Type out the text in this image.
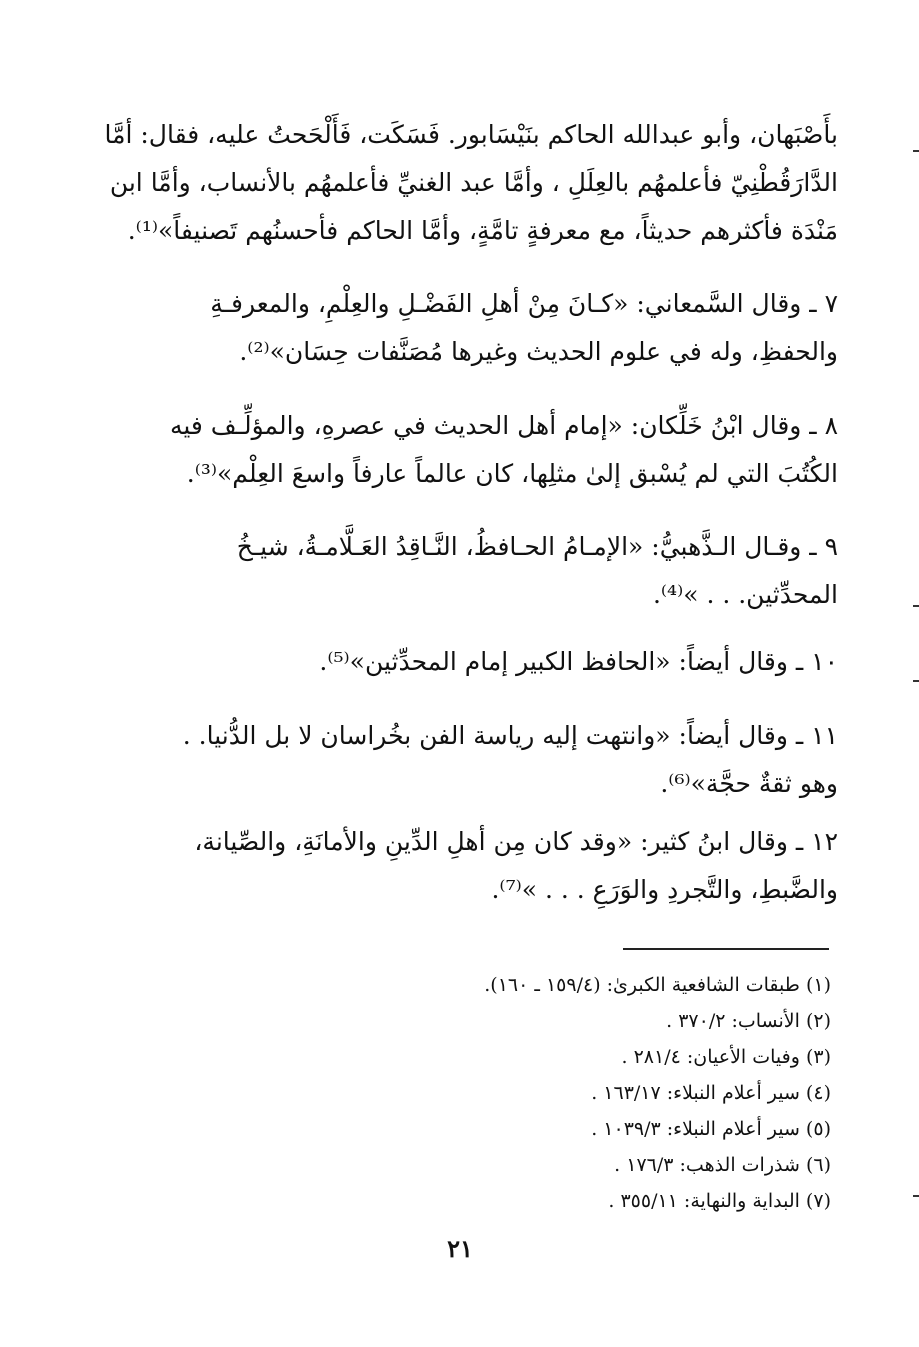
بأَصْبَهان، وأبو عبدالله الحاكم بنَيْسَابور. فَسَكَت، فَأَلْحَحتُ عليه، فقال: أمَّا
الدَّارَقُطْنِيّ فأعلمهُم بالعِلَلِ ، وأمَّا عبد الغنيِّ فأعلمهُم بالأنساب، وأمَّا ابن
مَنْدَة فأكثرهم حديثاً، مع معرفةٍ تامَّةٍ، وأمَّا الحاكم فأحسنُهم تَصنيفاً»⁽¹⁾.
٧ ـ وقال السَّمعاني: «كـانَ مِنْ أهلِ الفَضْـلِ والعِلْمِ، والمعرفـةِ
والحفظِ، وله في علوم الحديث وغيرها مُصَنَّفات حِسَان»⁽²⁾.
٨ ـ وقال ابْنُ خَلِّكان: «إمام أهل الحديث في عصرهِ، والمؤلِّـف فيه
الكُتُبَ التي لم يُسْبق إلىٰ مثلِها، كان عالماً عارفاً واسعَ العِلْم»⁽³⁾.
٩ ـ وقـال الـذَّهبيُّ: «الإمـامُ الحـافظُ، النَّـاقِدُ العَـلَّامـةُ، شيـخُ
المحدِّثين. . . »⁽⁴⁾.
١٠ ـ وقال أيضاً: «الحافظ الكبير إمام المحدِّثين»⁽⁵⁾.
١١ ـ وقال أيضاً: «وانتهت إليه رياسة الفن بخُراسان لا بل الدُّنيا. .
وهو ثقةٌ حجَّة»⁽⁶⁾.
١٢ ـ وقال ابنُ كثير: «وقد كان مِن أهلِ الدِّينِ والأمانَةِ، والصِّيانة،
والضَّبطِ، والتَّجردِ والوَرَعِ . . . »⁽⁷⁾.
(١) طبقات الشافعية الكبرىٰ: (١٥٩/٤ ـ ١٦٠).
(٢) الأنساب: ٣٧٠/٢ .
(٣) وفيات الأعيان: ٢٨١/٤ .
(٤) سير أعلام النبلاء: ١٦٣/١٧ .
(٥) سير أعلام النبلاء: ١٠٣٩/٣ .
(٦) شذرات الذهب: ١٧٦/٣ .
(٧) البداية والنهاية: ٣٥٥/١١ .
٢١
